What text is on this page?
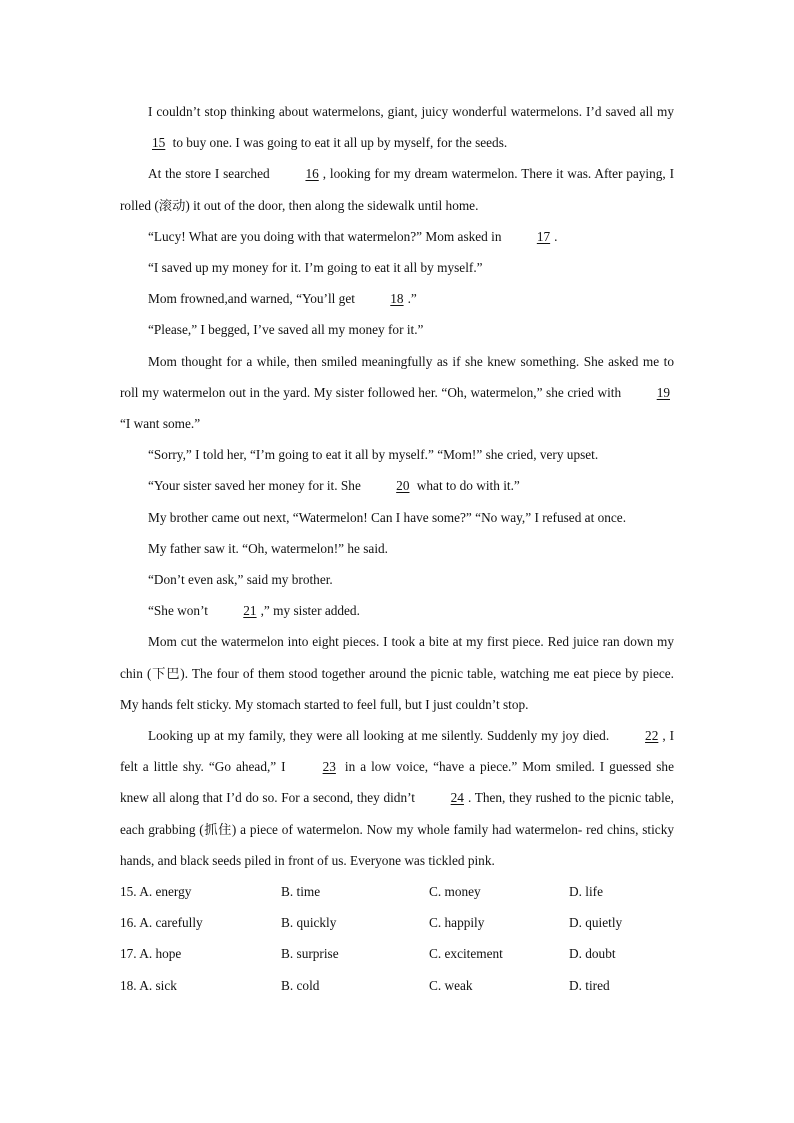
I couldn’t stop thinking about watermelons, giant, juicy wonderful watermelons. I’d saved all my 15 to buy one. I was going to eat it all up by myself, for the seeds.

At the store I searched 16 , looking for my dream watermelon. There it was. After paying, I rolled (滚动) it out of the door, then along the sidewalk until home.

“Lucy! What are you doing with that watermelon?” Mom asked in 17 .

“I saved up my money for it. I’m going to eat it all by myself.”

Mom frowned,and warned, “You’ll get 18 .”

“Please,” I begged, I’ve saved all my money for it.”

Mom thought for a while, then smiled meaningfully as if she knew something. She asked me to roll my watermelon out in the yard. My sister followed her. “Oh, watermelon,” she cried with 19 “I want some.”

“Sorry,” I told her, “I’m going to eat it all by myself.” “Mom!” she cried, very upset.

“Your sister saved her money for it. She 20 what to do with it.”

My brother came out next, “Watermelon! Can I have some?” “No way,” I refused at once.

My father saw it. “Oh, watermelon!” he said.

“Don’t even ask,” said my brother.

“She won’t 21 ,” my sister added.

Mom cut the watermelon into eight pieces. I took a bite at my first piece. Red juice ran down my chin (下巴). The four of them stood together around the picnic table, watching me eat piece by piece. My hands felt sticky. My stomach started to feel full, but I just couldn’t stop.

Looking up at my family, they were all looking at me silently. Suddenly my joy died. 22 , I felt a little shy. “Go ahead,” I 23 in a low voice, “have a piece.” Mom smiled. I guessed she knew all along that I’d do so. For a second, they didn’t 24 . Then, they rushed to the picnic table, each grabbing (抓住) a piece of watermelon. Now my whole family had watermelon- red chins, sticky hands, and black seeds piled in front of us. Everyone was tickled pink.

15. A. energy	B. time	C. money	D. life
16. A. carefully	B. quickly	C. happily	D. quietly
17. A. hope	B. surprise	C. excitement	D. doubt
18. A. sick	B. cold	C. weak	D. tired
